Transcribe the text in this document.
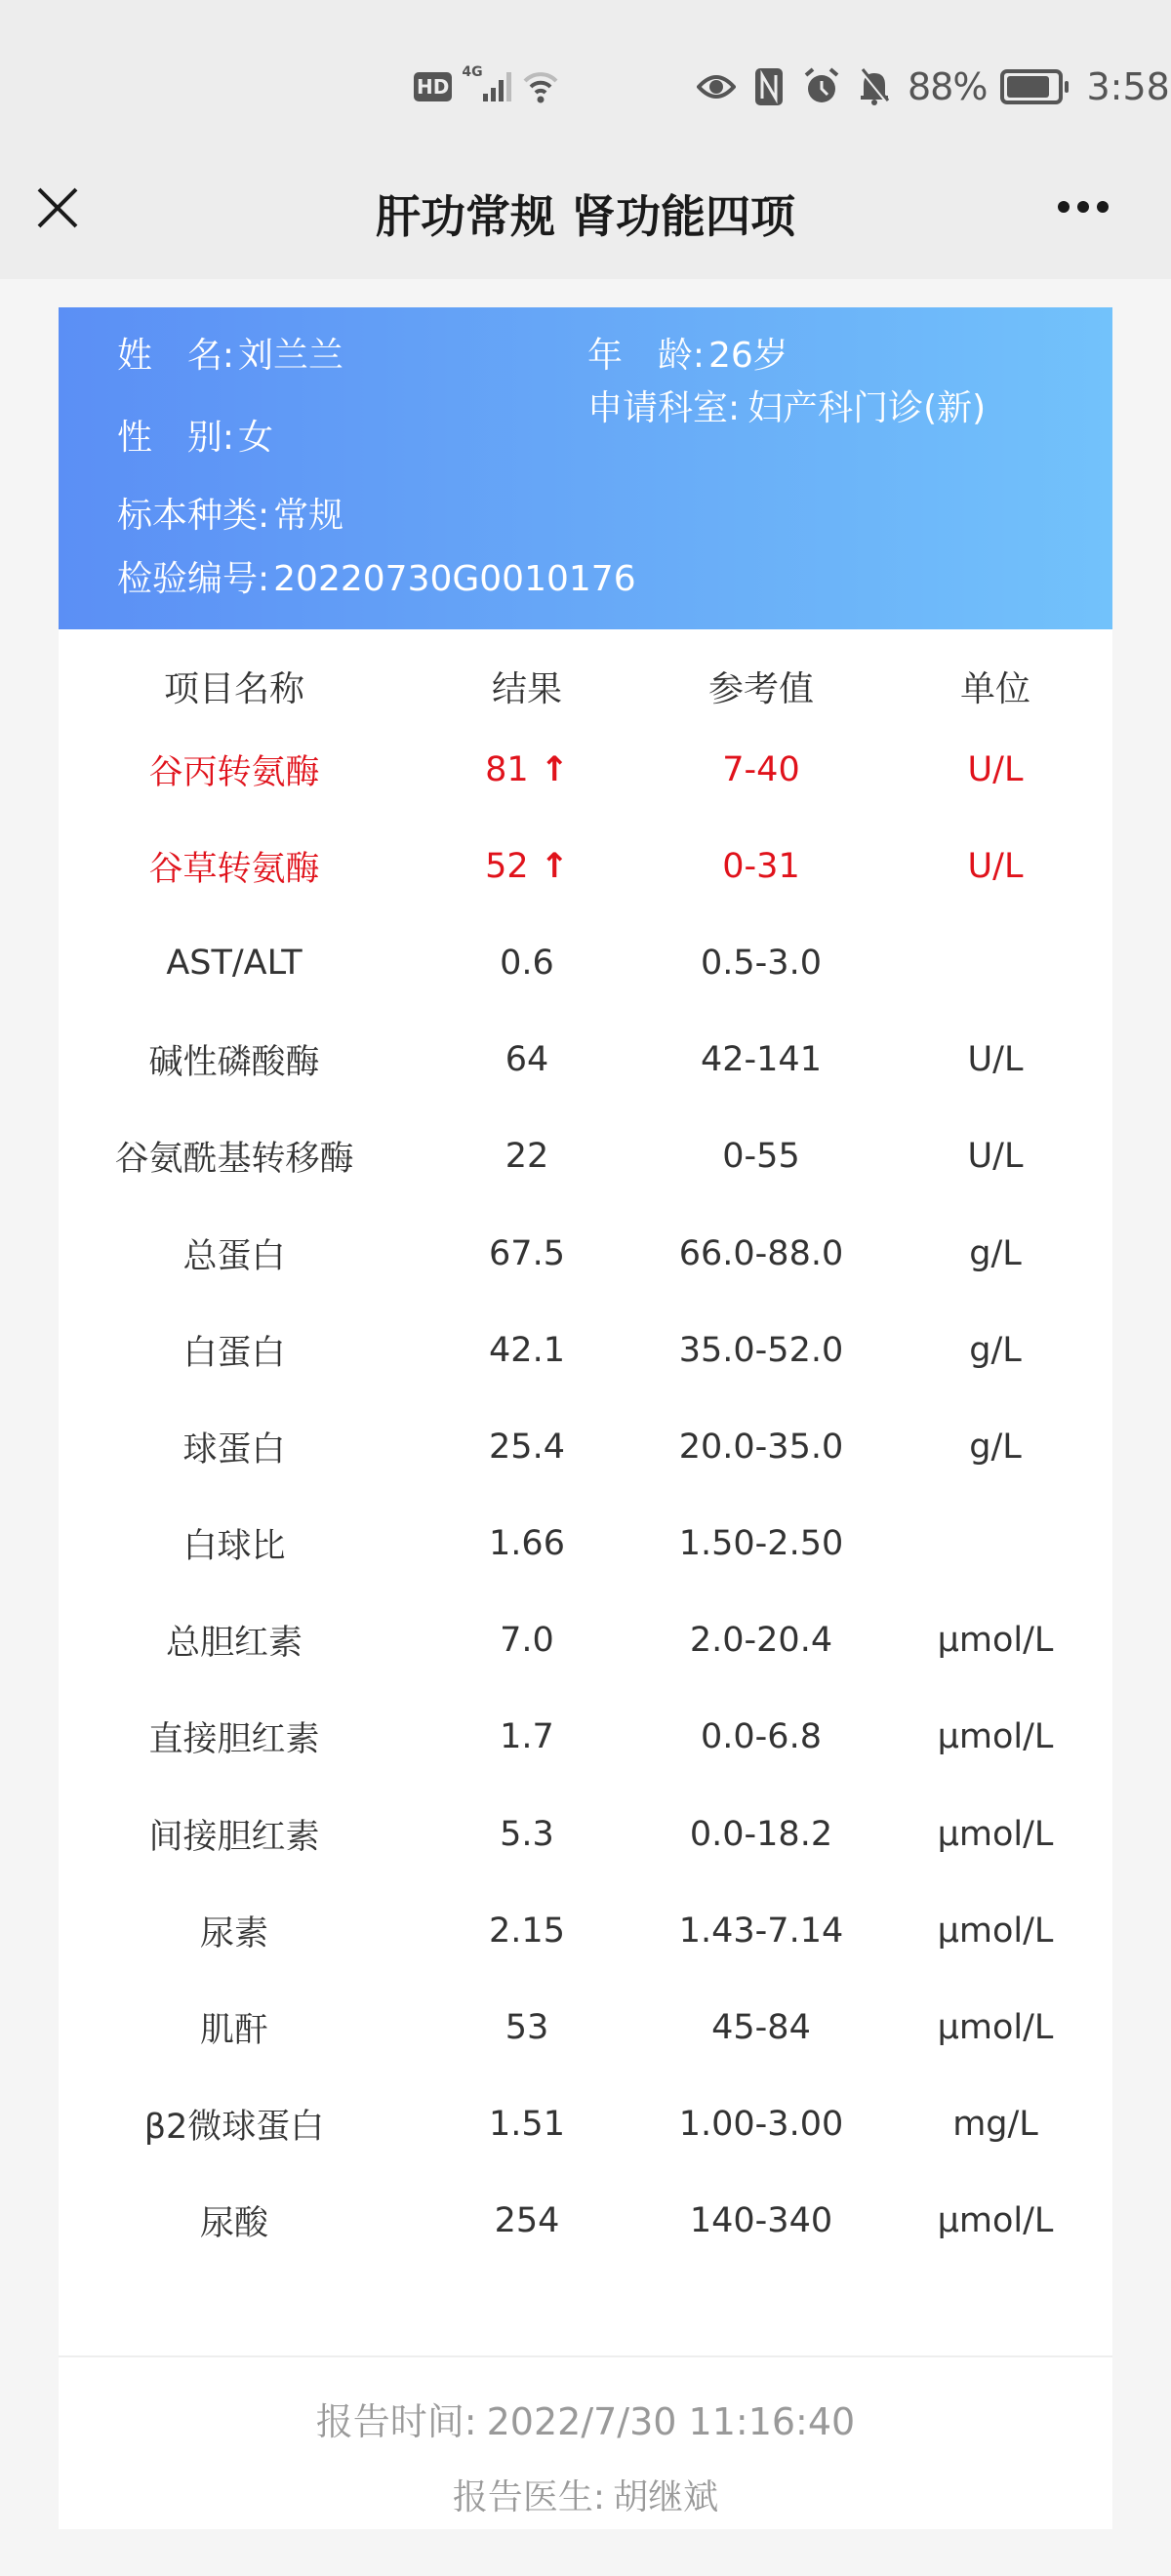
HD
4G	88%	3:58
肝功常规 肾功能四项
姓 名: 刘兰兰	年 龄: 26岁
性 别: 女
申请科室: 妇产科门诊(新)
标本种类: 常规
检验编号: 20220730G0010176
项目名称	结果	参考值	单位
谷丙转氨酶	81 ↑	7-40	U/L
谷草转氨酶	52 ↑	0-31	U/L
AST/ALT	0.6	0.5-3.0
碱性磷酸酶	64	42-141	U/L
谷氨酰基转移酶	22	0-55	U/L
总蛋白	67.5	66.0-88.0	g/L
白蛋白	42.1	35.0-52.0	g/L
球蛋白	25.4	20.0-35.0	g/L
白球比	1.66	1.50-2.50
总胆红素	7.0	2.0-20.4	μmol/L
直接胆红素	1.7	0.0-6.8	μmol/L
间接胆红素	5.3	0.0-18.2	μmol/L
尿素	2.15	1.43-7.14	μmol/L
肌酐	53	45-84	μmol/L
β2微球蛋白	1.51	1.00-3.00	mg/L
尿酸	254	140-340	μmol/L
报告时间: 2022/7/30 11:16:40
报告医生: 胡继斌
